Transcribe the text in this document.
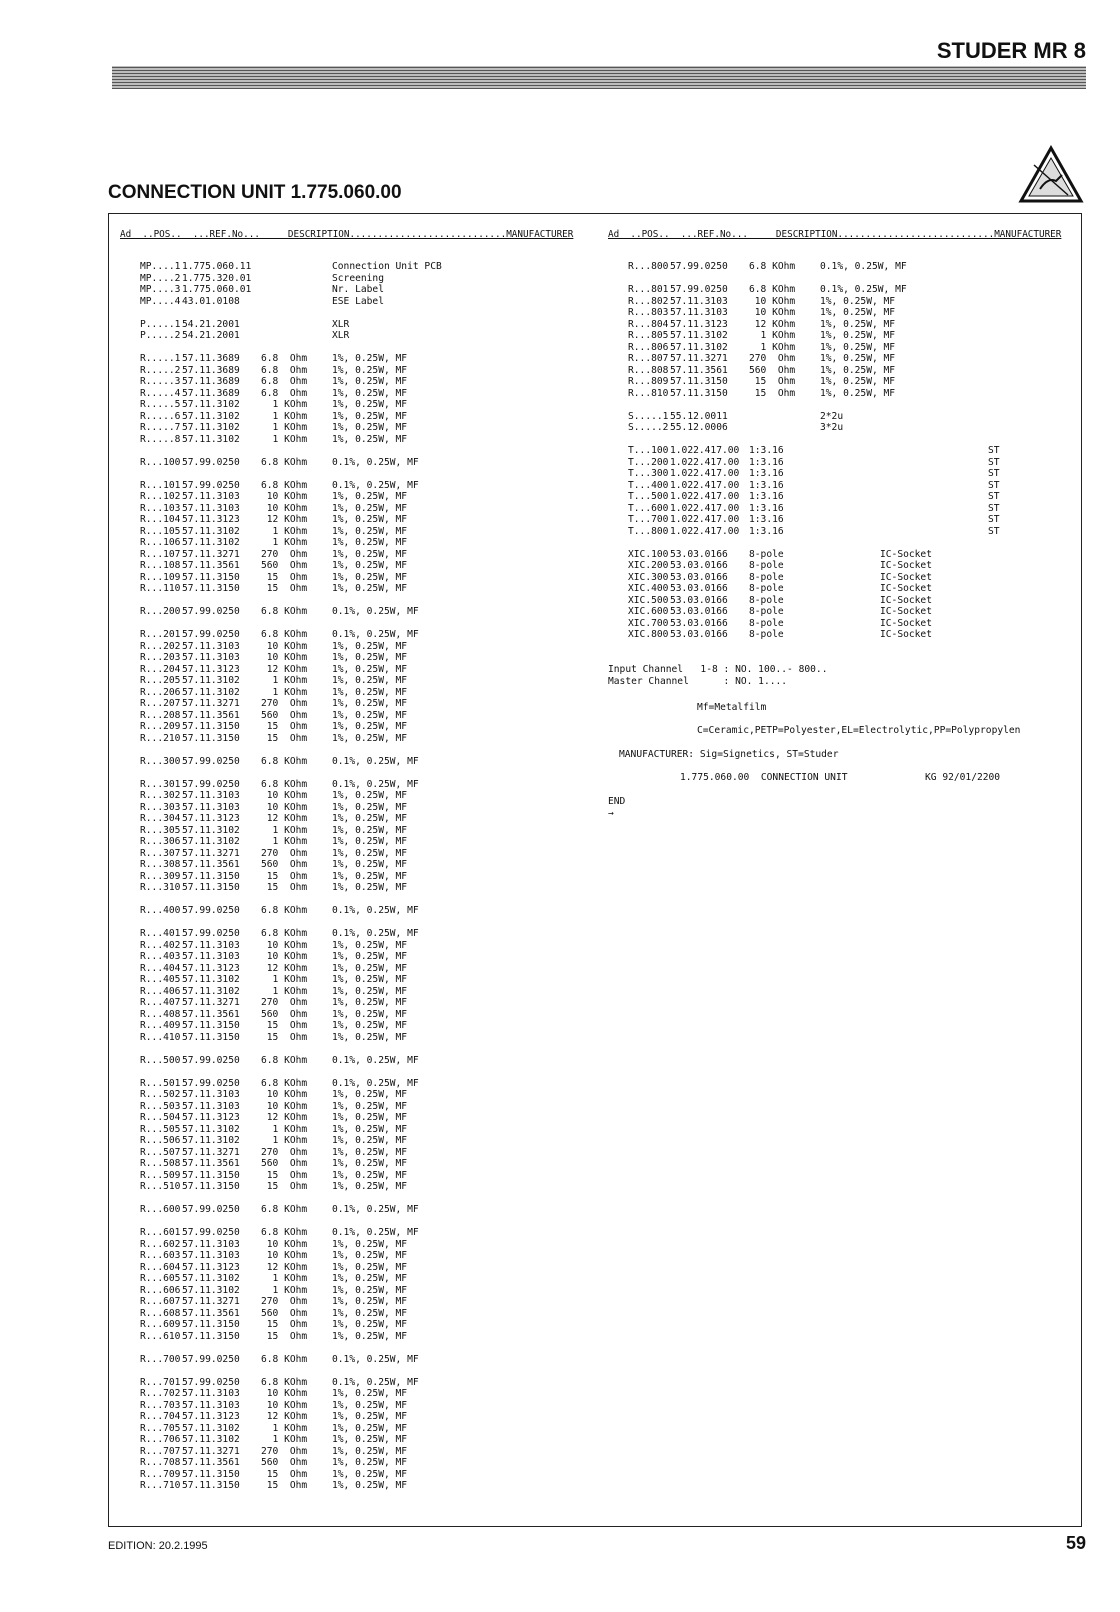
STUDER MR 8
CONNECTION UNIT 1.775.060.00
Ad  ..POS..  ...REF.No...     DESCRIPTION............................MANUFACTURER	Ad  ..POS..  ...REF.No...     DESCRIPTION............................MANUFACTURER
MP....1 1.775.060.11	Connection Unit PCB
MP....2 1.775.320.01	Screening
MP....3 1.775.060.01	Nr. Label
MP....4 43.01.0108	ESE Label
P.....1 54.21.2001	XLR
P.....2 54.21.2001	XLR
R.....1 57.11.3689 6.8  Ohm	1%, 0.25W, MF
R.....2 57.11.3689 6.8  Ohm	1%, 0.25W, MF
R.....3 57.11.3689 6.8  Ohm	1%, 0.25W, MF
R.....4 57.11.3689 6.8  Ohm	1%, 0.25W, MF
R.....5 57.11.3102 1 KOhm	1%, 0.25W, MF
R.....6 57.11.3102 1 KOhm	1%, 0.25W, MF
R.....7 57.11.3102 1 KOhm	1%, 0.25W, MF
R.....8 57.11.3102 1 KOhm	1%, 0.25W, MF
R...100 57.99.0250 6.8 KOhm	0.1%, 0.25W, MF
R...101 57.99.0250 6.8 KOhm	0.1%, 0.25W, MF
R...102 57.11.3103 10 KOhm	1%, 0.25W, MF
R...103 57.11.3103 10 KOhm	1%, 0.25W, MF
R...104 57.11.3123 12 KOhm	1%, 0.25W, MF
R...105 57.11.3102 1 KOhm	1%, 0.25W, MF
R...106 57.11.3102 1 KOhm	1%, 0.25W, MF
R...107 57.11.3271 270  Ohm	1%, 0.25W, MF
R...108 57.11.3561 560  Ohm	1%, 0.25W, MF
R...109 57.11.3150 15  Ohm	1%, 0.25W, MF
R...110 57.11.3150 15  Ohm	1%, 0.25W, MF
R...200 57.99.0250 6.8 KOhm	0.1%, 0.25W, MF
R...201 57.99.0250 6.8 KOhm	0.1%, 0.25W, MF
R...202 57.11.3103 10 KOhm	1%, 0.25W, MF
R...203 57.11.3103 10 KOhm	1%, 0.25W, MF
R...204 57.11.3123 12 KOhm	1%, 0.25W, MF
R...205 57.11.3102 1 KOhm	1%, 0.25W, MF
R...206 57.11.3102 1 KOhm	1%, 0.25W, MF
R...207 57.11.3271 270  Ohm	1%, 0.25W, MF
R...208 57.11.3561 560  Ohm	1%, 0.25W, MF
R...209 57.11.3150 15  Ohm	1%, 0.25W, MF
R...210 57.11.3150 15  Ohm	1%, 0.25W, MF
R...300 57.99.0250 6.8 KOhm	0.1%, 0.25W, MF
R...301 57.99.0250 6.8 KOhm	0.1%, 0.25W, MF
R...302 57.11.3103 10 KOhm	1%, 0.25W, MF
R...303 57.11.3103 10 KOhm	1%, 0.25W, MF
R...304 57.11.3123 12 KOhm	1%, 0.25W, MF
R...305 57.11.3102 1 KOhm	1%, 0.25W, MF
R...306 57.11.3102 1 KOhm	1%, 0.25W, MF
R...307 57.11.3271 270  Ohm	1%, 0.25W, MF
R...308 57.11.3561 560  Ohm	1%, 0.25W, MF
R...309 57.11.3150 15  Ohm	1%, 0.25W, MF
R...310 57.11.3150 15  Ohm	1%, 0.25W, MF
R...400 57.99.0250 6.8 KOhm	0.1%, 0.25W, MF
R...401 57.99.0250 6.8 KOhm	0.1%, 0.25W, MF
R...402 57.11.3103 10 KOhm	1%, 0.25W, MF
R...403 57.11.3103 10 KOhm	1%, 0.25W, MF
R...404 57.11.3123 12 KOhm	1%, 0.25W, MF
R...405 57.11.3102 1 KOhm	1%, 0.25W, MF
R...406 57.11.3102 1 KOhm	1%, 0.25W, MF
R...407 57.11.3271 270  Ohm	1%, 0.25W, MF
R...408 57.11.3561 560  Ohm	1%, 0.25W, MF
R...409 57.11.3150 15  Ohm	1%, 0.25W, MF
R...410 57.11.3150 15  Ohm	1%, 0.25W, MF
R...500 57.99.0250 6.8 KOhm	0.1%, 0.25W, MF
R...501 57.99.0250 6.8 KOhm	0.1%, 0.25W, MF
R...502 57.11.3103 10 KOhm	1%, 0.25W, MF
R...503 57.11.3103 10 KOhm	1%, 0.25W, MF
R...504 57.11.3123 12 KOhm	1%, 0.25W, MF
R...505 57.11.3102 1 KOhm	1%, 0.25W, MF
R...506 57.11.3102 1 KOhm	1%, 0.25W, MF
R...507 57.11.3271 270  Ohm	1%, 0.25W, MF
R...508 57.11.3561 560  Ohm	1%, 0.25W, MF
R...509 57.11.3150 15  Ohm	1%, 0.25W, MF
R...510 57.11.3150 15  Ohm	1%, 0.25W, MF
R...600 57.99.0250 6.8 KOhm	0.1%, 0.25W, MF
R...601 57.99.0250 6.8 KOhm	0.1%, 0.25W, MF
R...602 57.11.3103 10 KOhm	1%, 0.25W, MF
R...603 57.11.3103 10 KOhm	1%, 0.25W, MF
R...604 57.11.3123 12 KOhm	1%, 0.25W, MF
R...605 57.11.3102 1 KOhm	1%, 0.25W, MF
R...606 57.11.3102 1 KOhm	1%, 0.25W, MF
R...607 57.11.3271 270  Ohm	1%, 0.25W, MF
R...608 57.11.3561 560  Ohm	1%, 0.25W, MF
R...609 57.11.3150 15  Ohm	1%, 0.25W, MF
R...610 57.11.3150 15  Ohm	1%, 0.25W, MF
R...700 57.99.0250 6.8 KOhm	0.1%, 0.25W, MF
R...701 57.99.0250 6.8 KOhm	0.1%, 0.25W, MF
R...702 57.11.3103 10 KOhm	1%, 0.25W, MF
R...703 57.11.3103 10 KOhm	1%, 0.25W, MF
R...704 57.11.3123 12 KOhm	1%, 0.25W, MF
R...705 57.11.3102 1 KOhm	1%, 0.25W, MF
R...706 57.11.3102 1 KOhm	1%, 0.25W, MF
R...707 57.11.3271 270  Ohm	1%, 0.25W, MF
R...708 57.11.3561 560  Ohm	1%, 0.25W, MF
R...709 57.11.3150 15  Ohm	1%, 0.25W, MF
R...710 57.11.3150 15  Ohm	1%, 0.25W, MF
R...800 57.99.0250 6.8 KOhm	0.1%, 0.25W, MF
R...801 57.99.0250 6.8 KOhm	0.1%, 0.25W, MF
R...802 57.11.3103 10 KOhm	1%, 0.25W, MF
R...803 57.11.3103 10 KOhm	1%, 0.25W, MF
R...804 57.11.3123 12 KOhm	1%, 0.25W, MF
R...805 57.11.3102 1 KOhm	1%, 0.25W, MF
R...806 57.11.3102 1 KOhm	1%, 0.25W, MF
R...807 57.11.3271 270  Ohm	1%, 0.25W, MF
R...808 57.11.3561 560  Ohm	1%, 0.25W, MF
R...809 57.11.3150 15  Ohm	1%, 0.25W, MF
R...810 57.11.3150 15  Ohm	1%, 0.25W, MF
S.....1 55.12.0011	2*2u
S.....2 55.12.0006	3*2u
T...100 1.022.417.00 1:3.16	ST
T...200 1.022.417.00 1:3.16	ST
T...300 1.022.417.00 1:3.16	ST
T...400 1.022.417.00 1:3.16	ST
T...500 1.022.417.00 1:3.16	ST
T...600 1.022.417.00 1:3.16	ST
T...700 1.022.417.00 1:3.16	ST
T...800 1.022.417.00 1:3.16	ST
XIC.100 53.03.0166 8-pole	IC-Socket
XIC.200 53.03.0166 8-pole	IC-Socket
XIC.300 53.03.0166 8-pole	IC-Socket
XIC.400 53.03.0166 8-pole	IC-Socket
XIC.500 53.03.0166 8-pole	IC-Socket
XIC.600 53.03.0166 8-pole	IC-Socket
XIC.700 53.03.0166 8-pole	IC-Socket
XIC.800 53.03.0166 8-pole	IC-Socket
Input Channel   1-8 : NO. 100..- 800..
Master Channel      : NO. 1....
Mf=Metalfilm
C=Ceramic,PETP=Polyester,EL=Electrolytic,PP=Polypropylen
MANUFACTURER: Sig=Signetics, ST=Studer
1.775.060.00  CONNECTION UNIT	KG 92/01/2200
END
→
EDITION: 20.2.1995	59
